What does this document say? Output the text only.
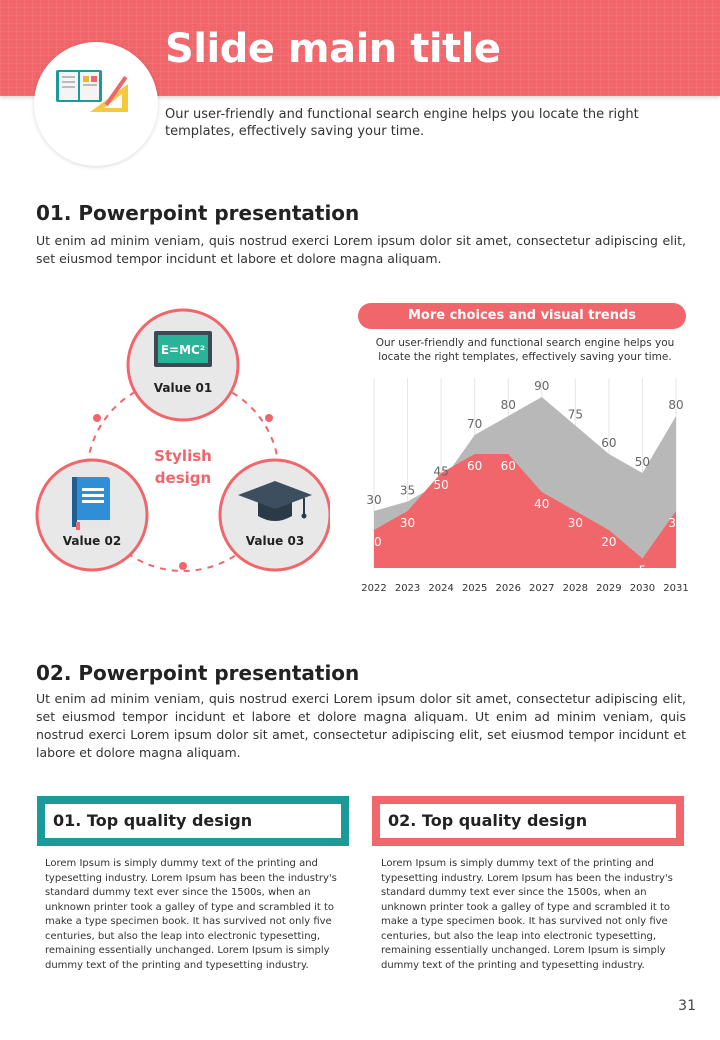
Slide main title
Our user-friendly and functional search engine helps you locate the right templates, effectively saving your time.
01. Powerpoint presentation
Ut enim ad minim veniam, quis nostrud exerci Lorem ipsum dolor sit amet, consectetur adipiscing elit, set eiusmod tempor incidunt et labore et dolore magna aliquam.
E=MC²
Value 01
Value 02	Value 03
Stylish
design
More choices and visual trends
Our user-friendly and functional search engine helps you locate the right templates, effectively saving your time.
30
35
45
70
80
90
75
60
50
80
20
30
50
60 60
40
30
20
5
30
2022 2023 2024 2025 2026 2027 2028 2029 2030 2031
02. Powerpoint presentation
Ut enim ad minim veniam, quis nostrud exerci Lorem ipsum dolor sit amet, consectetur adipiscing elit, set eiusmod tempor incidunt et labore et dolore magna aliquam. Ut enim ad minim veniam, quis nostrud exerci Lorem ipsum dolor sit amet, consectetur adipiscing elit, set eiusmod tempor incidunt et labore et dolore magna aliquam.
01. Top quality design
Lorem Ipsum is simply dummy text of the printing and typesetting industry. Lorem Ipsum has been the industry's standard dummy text ever since the 1500s, when an unknown printer took a galley of type and scrambled it to make a type specimen book. It has survived not only five centuries, but also the leap into electronic typesetting, remaining essentially unchanged. Lorem Ipsum is simply dummy text of the printing and typesetting industry.
02. Top quality design
Lorem Ipsum is simply dummy text of the printing and typesetting industry. Lorem Ipsum has been the industry's standard dummy text ever since the 1500s, when an unknown printer took a galley of type and scrambled it to make a type specimen book. It has survived not only five centuries, but also the leap into electronic typesetting, remaining essentially unchanged. Lorem Ipsum is simply dummy text of the printing and typesetting industry.
31
